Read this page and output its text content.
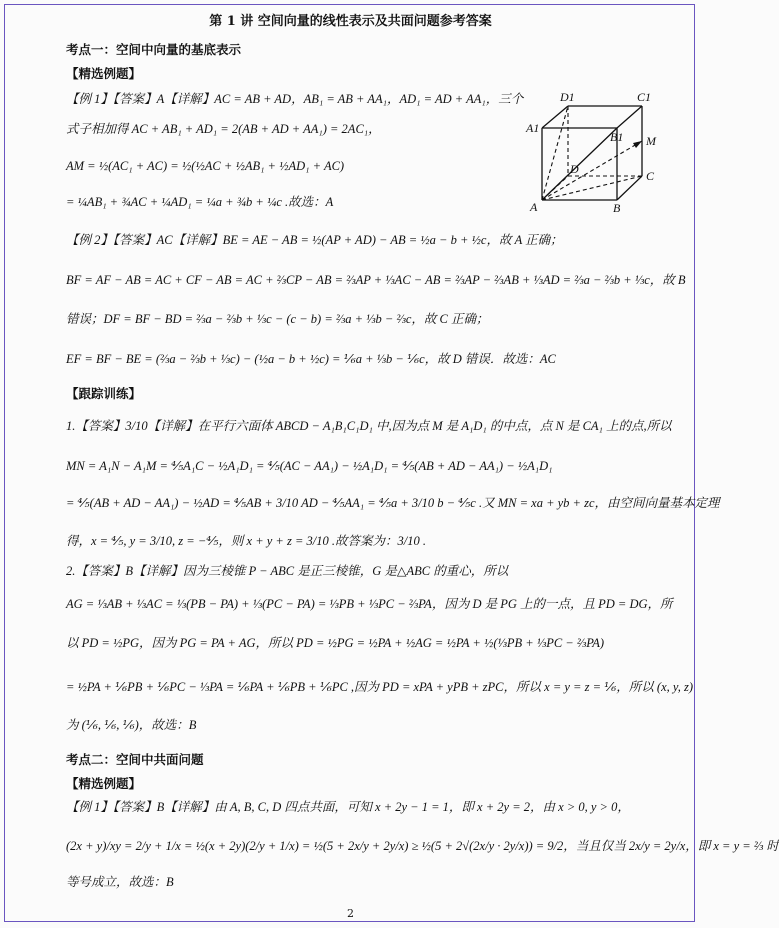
第 1 讲 空间向量的线性表示及共面问题参考答案
考点一：空间中向量的基底表示
【精选例题】
【例 1】【答案】A【详解】AC = AB + AD，AB₁ = AB + AA₁，AD₁ = AD + AA₁，三个
式子相加得 AC + AB₁ + AD₁ = 2(AB + AD + AA₁) = 2AC₁，
AM = ½(AC₁ + AC) = ½(½AC + ½AB₁ + ½AD₁ + AC)
= ¼AB₁ + ¾AC + ¼AD₁ = ¼a + ¾b + ¼c .故选：A
【例 2】【答案】AC【详解】BE = AE − AB = ½(AP + AD) − AB = ½a − b + ½c，故 A 正确；
BF = AF − AB = AC + CF − AB = AC + ⅔CP − AB = ⅔AP + ⅓AC − AB = ⅔AP − ⅔AB + ⅓AD = ⅔a − ⅔b + ⅓c，故 B
错误；DF = BF − BD = ⅔a − ⅔b + ⅓c − (c − b) = ⅔a + ⅓b − ⅔c，故 C 正确；
EF = BF − BE = (⅔a − ⅔b + ⅓c) − (½a − b + ½c) = ⅙a + ⅓b − ⅙c，故 D 错误．故选：AC
【跟踪训练】
1.【答案】3/10【详解】在平行六面体 ABCD − A₁B₁C₁D₁ 中,因为点 M 是 A₁D₁ 的中点，点 N 是 CA₁ 上的点,所以
MN = A₁N − A₁M = ⅘A₁C − ½A₁D₁ = ⅘(AC − AA₁) − ½A₁D₁ = ⅘(AB + AD − AA₁) − ½A₁D₁
= ⅘(AB + AD − AA₁) − ½AD = ⅘AB + 3/10 AD − ⅘AA₁ = ⅘a + 3/10 b − ⅘c .又 MN = xa + yb + zc，由空间向量基本定理
得，x = ⅘, y = 3/10, z = −⅘，则 x + y + z = 3/10 .故答案为：3/10 .
2.【答案】B【详解】因为三棱锥 P − ABC 是正三棱锥，G 是△ABC 的重心，所以
AG = ⅓AB + ⅓AC = ⅓(PB − PA) + ⅓(PC − PA) = ⅓PB + ⅓PC − ⅔PA，因为 D 是 PG 上的一点，且 PD = DG，所
以 PD = ½PG，因为 PG = PA + AG，所以 PD = ½PG = ½PA + ½AG = ½PA + ½(⅓PB + ⅓PC − ⅔PA)
= ½PA + ⅙PB + ⅙PC − ⅓PA = ⅙PA + ⅙PB + ⅙PC ,因为 PD = xPA + yPB + zPC，所以 x = y = z = ⅙，所以 (x, y, z)
为 (⅙, ⅙, ⅙)，故选：B
考点二：空间中共面问题
【精选例题】
【例 1】【答案】B【详解】由 A, B, C, D 四点共面，可知 x + 2y − 1 = 1，即 x + 2y = 2，由 x > 0, y > 0，
(2x + y)/xy = 2/y + 1/x = ½(x + 2y)(2/y + 1/x) = ½(5 + 2x/y + 2y/x) ≥ ½(5 + 2√(2x/y · 2y/x)) = 9/2，当且仅当 2x/y = 2y/x，即 x = y = ⅔ 时
等号成立，故选：B
D1	C1
A1
B1 M
D	C
A	B
2
